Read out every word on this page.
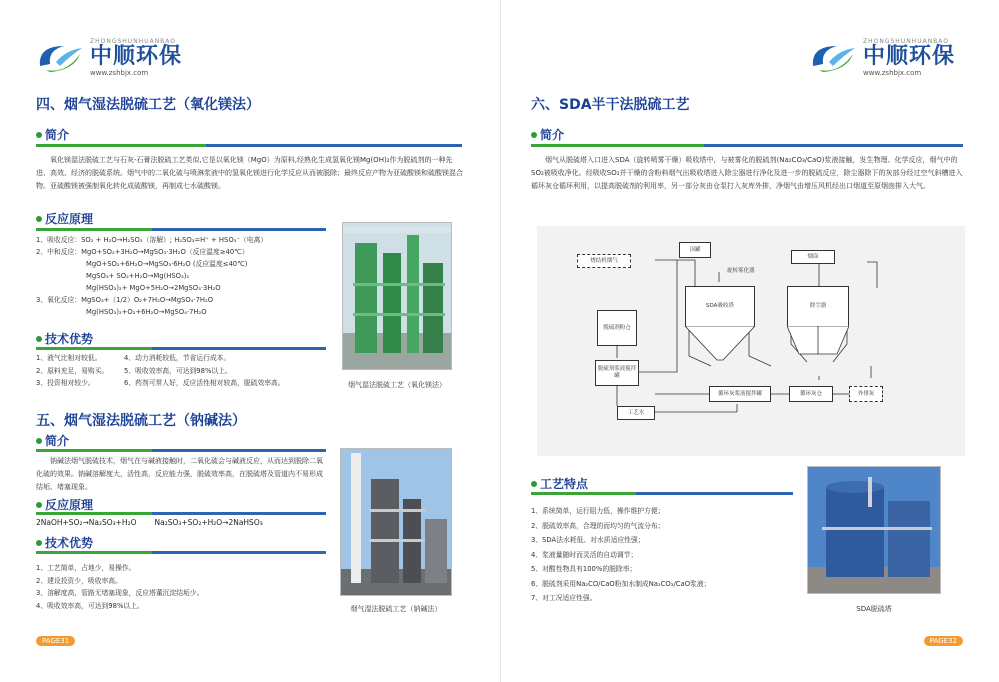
ZHONGSHUNHUANBAO
中顺环保
www.zshbjx.com
四、烟气湿法脱硫工艺（氧化镁法）
简介
氧化镁湿法脱硫工艺与石灰-石膏法脱硫工艺类似,它是以氧化镁（MgO）为原料,经熟化生成氢氧化镁Mg(OH)₂作为脱硫剂的一种先进、高效、经济的脱硫系统。烟气中的二氧化硫与喷淋浆液中的氢氧化镁进行化学反应从而被脱除；最终反应产物为亚硫酸镁和硫酸镁混合物。亚硫酸镁被强制氧化转化成硫酸镁，再制成七水硫酸镁。
反应原理
1、吸收反应：SO₂ + H₂O→H₂SO₃（溶解）; H₂SO₃=H⁺ + HSO₃⁻（电离）
2、中和反应：MgO+SO₂+3H₂O→MgSO₃·3H₂O（反应温度≥40℃）
MgO+SO₂+6H₂O→MgSO₃·6H₂O (反应温度≤40℃)
MgSO₃+ SO₂+H₂O→Mg(HSO₃)₂
Mg(HSO₃)₂+ MgO+5H₂O→2MgSO₃·3H₂O
3、氧化反应：MgSO₃+（1/2）O₂+7H₂O→MgSO₄·7H₂O
Mg(HSO₃)₂+O₂+6H₂O→MgSO₄·7H₂O
技术优势
1、液气比相对较低。	4、动力消耗较低，节省运行成本。
2、原料充足，易购买。	5、吸收效率高，可达到98%以上。
3、投资相对较少。	6、药剂可常人好，反应活性相对较高，脱硫效率高。	烟气湿法脱硫工艺（氧化镁法）
五、烟气湿法脱硫工艺（钠碱法）
简介
钠碱法烟气脱硫技术，烟气在与碱液接触时，二氧化硫会与碱液反应，从而达到脱除二氧化硫的效果。钠碱溶解度大，活性高，反应能力强，脱硫效率高，在脱硫塔及管道内不易形成结垢、堵塞现象。
反应原理
2NaOH+SO₂→Na₂SO₃+H₂O Na₂SO₃+SO₂+H₂O→2NaHSO₃
技术优势
1、工艺简单，占地少，易操作。
2、建设投资少，吸收率高。
3、溶解度高，管路无堵塞现象，反应塔董沉淀结垢少。
4、吸收效率高，可达到98%以上。	烟气湿法脱硫工艺（钠碱法）
PAGE31
ZHONGSHUNHUANBAO
中顺环保
www.zshbjx.com
六、SDA半干法脱硫工艺
简介
烟气从脱硫塔入口进入SDA（旋转喷雾干燥）吸收塔中，与被雾化的脱硫剂(Na₂CO₃/CaO)浆液接触，发生物理、化学反应，烟气中的SO₂被吸收净化。经吸收SO₂并干燥的含粉料烟气出吸收塔进入除尘器进行净化及进一步的脱硫反应，除尘器除下的灰部分经过空气斜槽进入循环灰仓循环利用，以提高脱硫剂的利用率，另一部分灰由仓泵打入灰库外排，净烟气由增压风机经出口烟道至原烟囱排入大气。
烧结机烟气
顶罐
烟囱
旋转雾化器
SDA吸收塔	除尘器
脱硫剂粉仓
脱硫剂浆液搅拌罐
循环灰浆液搅拌罐	循环灰仓	外排灰
工艺水
工艺特点
1、系统简单，运行阻力低，操作维护方便；
2、脱硫效率高，合理的而均匀的气流分布；
3、SDA法水耗低、对水质适应性强；
4、浆液量随时而灵活的自动调节；
5、对酸性物具有100%的脱除率；
6、脱硫剂采用Na₂CO/CaO粉加水制成Na₂CO₃/CaO浆液；
7、对工况适应性强。
SDA脱硫塔
PAGE32
